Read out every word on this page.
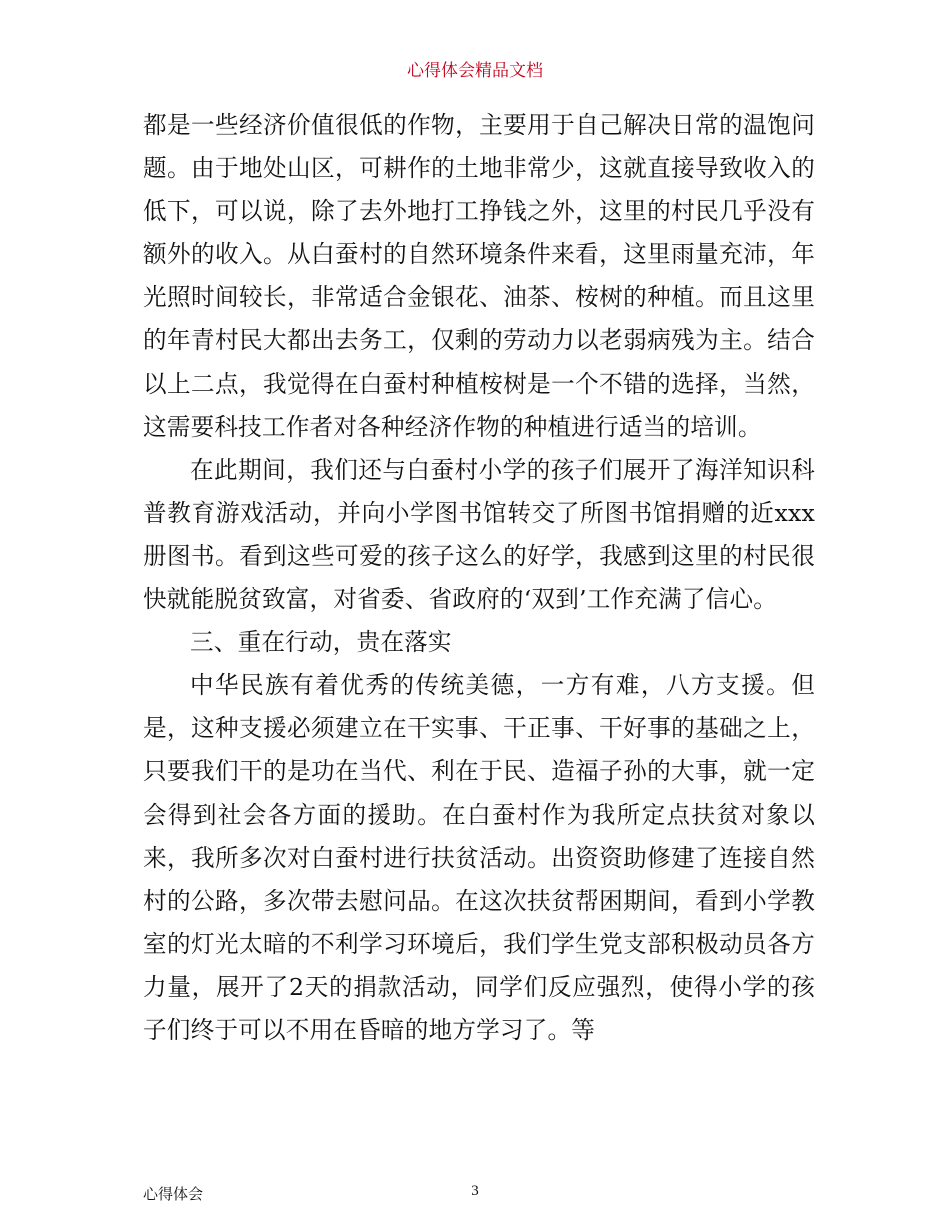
心得体会精品文档

都是一些经济价值很低的作物，主要用于自己解决日常的温饱问题。由于地处山区，可耕作的土地非常少，这就直接导致收入的低下，可以说，除了去外地打工挣钱之外，这里的村民几乎没有额外的收入。从白蚕村的自然环境条件来看，这里雨量充沛，年光照时间较长，非常适合金银花、油茶、桉树的种植。而且这里的年青村民大都出去务工，仅剩的劳动力以老弱病残为主。结合以上二点，我觉得在白蚕村种植桉树是一个不错的选择，当然，这需要科技工作者对各种经济作物的种植进行适当的培训。

在此期间，我们还与白蚕村小学的孩子们展开了海洋知识科普教育游戏活动，并向小学图书馆转交了所图书馆捐赠的近xxx册图书。看到这些可爱的孩子这么的好学，我感到这里的村民很快就能脱贫致富，对省委、省政府的‘双到’工作充满了信心。

三、重在行动，贵在落实

中华民族有着优秀的传统美德，一方有难，八方支援。但是，这种支援必须建立在干实事、干正事、干好事的基础之上，只要我们干的是功在当代、利在于民、造福子孙的大事，就一定会得到社会各方面的援助。在白蚕村作为我所定点扶贫对象以来，我所多次对白蚕村进行扶贫活动。出资资助修建了连接自然村的公路，多次带去慰问品。在这次扶贫帮困期间，看到小学教室的灯光太暗的不利学习环境后，我们学生党支部积极动员各方力量，展开了2天的捐款活动，同学们反应强烈，使得小学的孩子们终于可以不用在昏暗的地方学习了。等

心得体会	3
